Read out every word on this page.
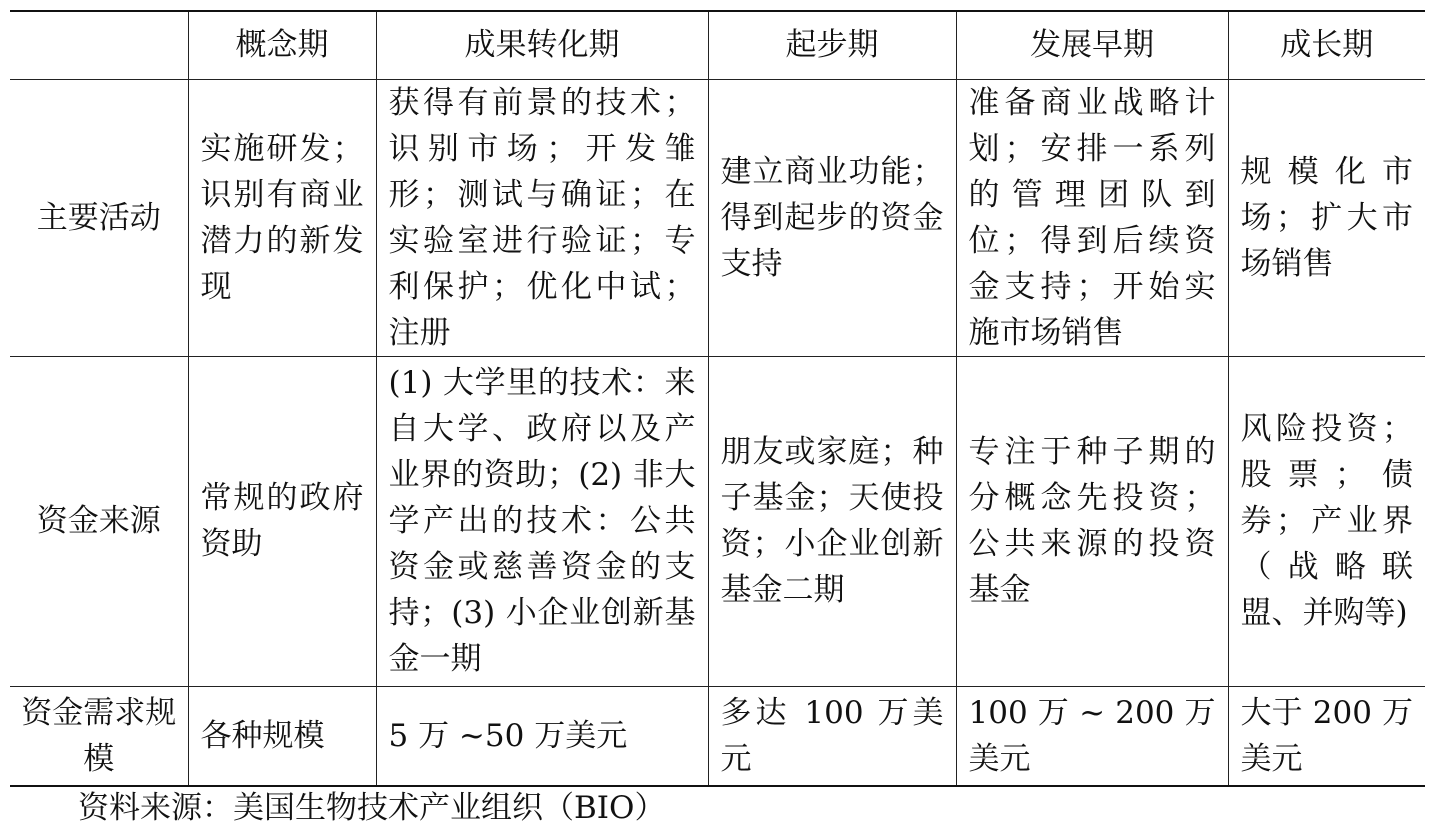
	概念期	成果转化期	起步期	发展早期	成长期
主要活动	实施研发；识别有商业潜力的新发现	获得有前景的技术；识别市场；开发雏形；测试与确证；在实验室进行验证；专利保护；优化中试；注册	建立商业功能；得到起步的资金支持	准备商业战略计划；安排一系列的管理团队到位；得到后续资金支持；开始实施市场销售	规模化市场；扩大市场销售
资金来源	常规的政府资助	(1) 大学里的技术：来自大学、政府以及产业界的资助；(2) 非大学产出的技术：公共资金或慈善资金的支持；(3) 小企业创新基金一期	朋友或家庭；种子基金；天使投资；小企业创新基金二期	专注于种子期的分概念先投资；公共来源的投资基金	风险投资；股票；债券；产业界（战略联盟、并购等)
资金需求规模	各种规模	5 万 ~50 万美元	多达 100 万美元	100 万 ~ 200 万美元	大于 200 万美元
资料来源：美国生物技术产业组织（BIO）
